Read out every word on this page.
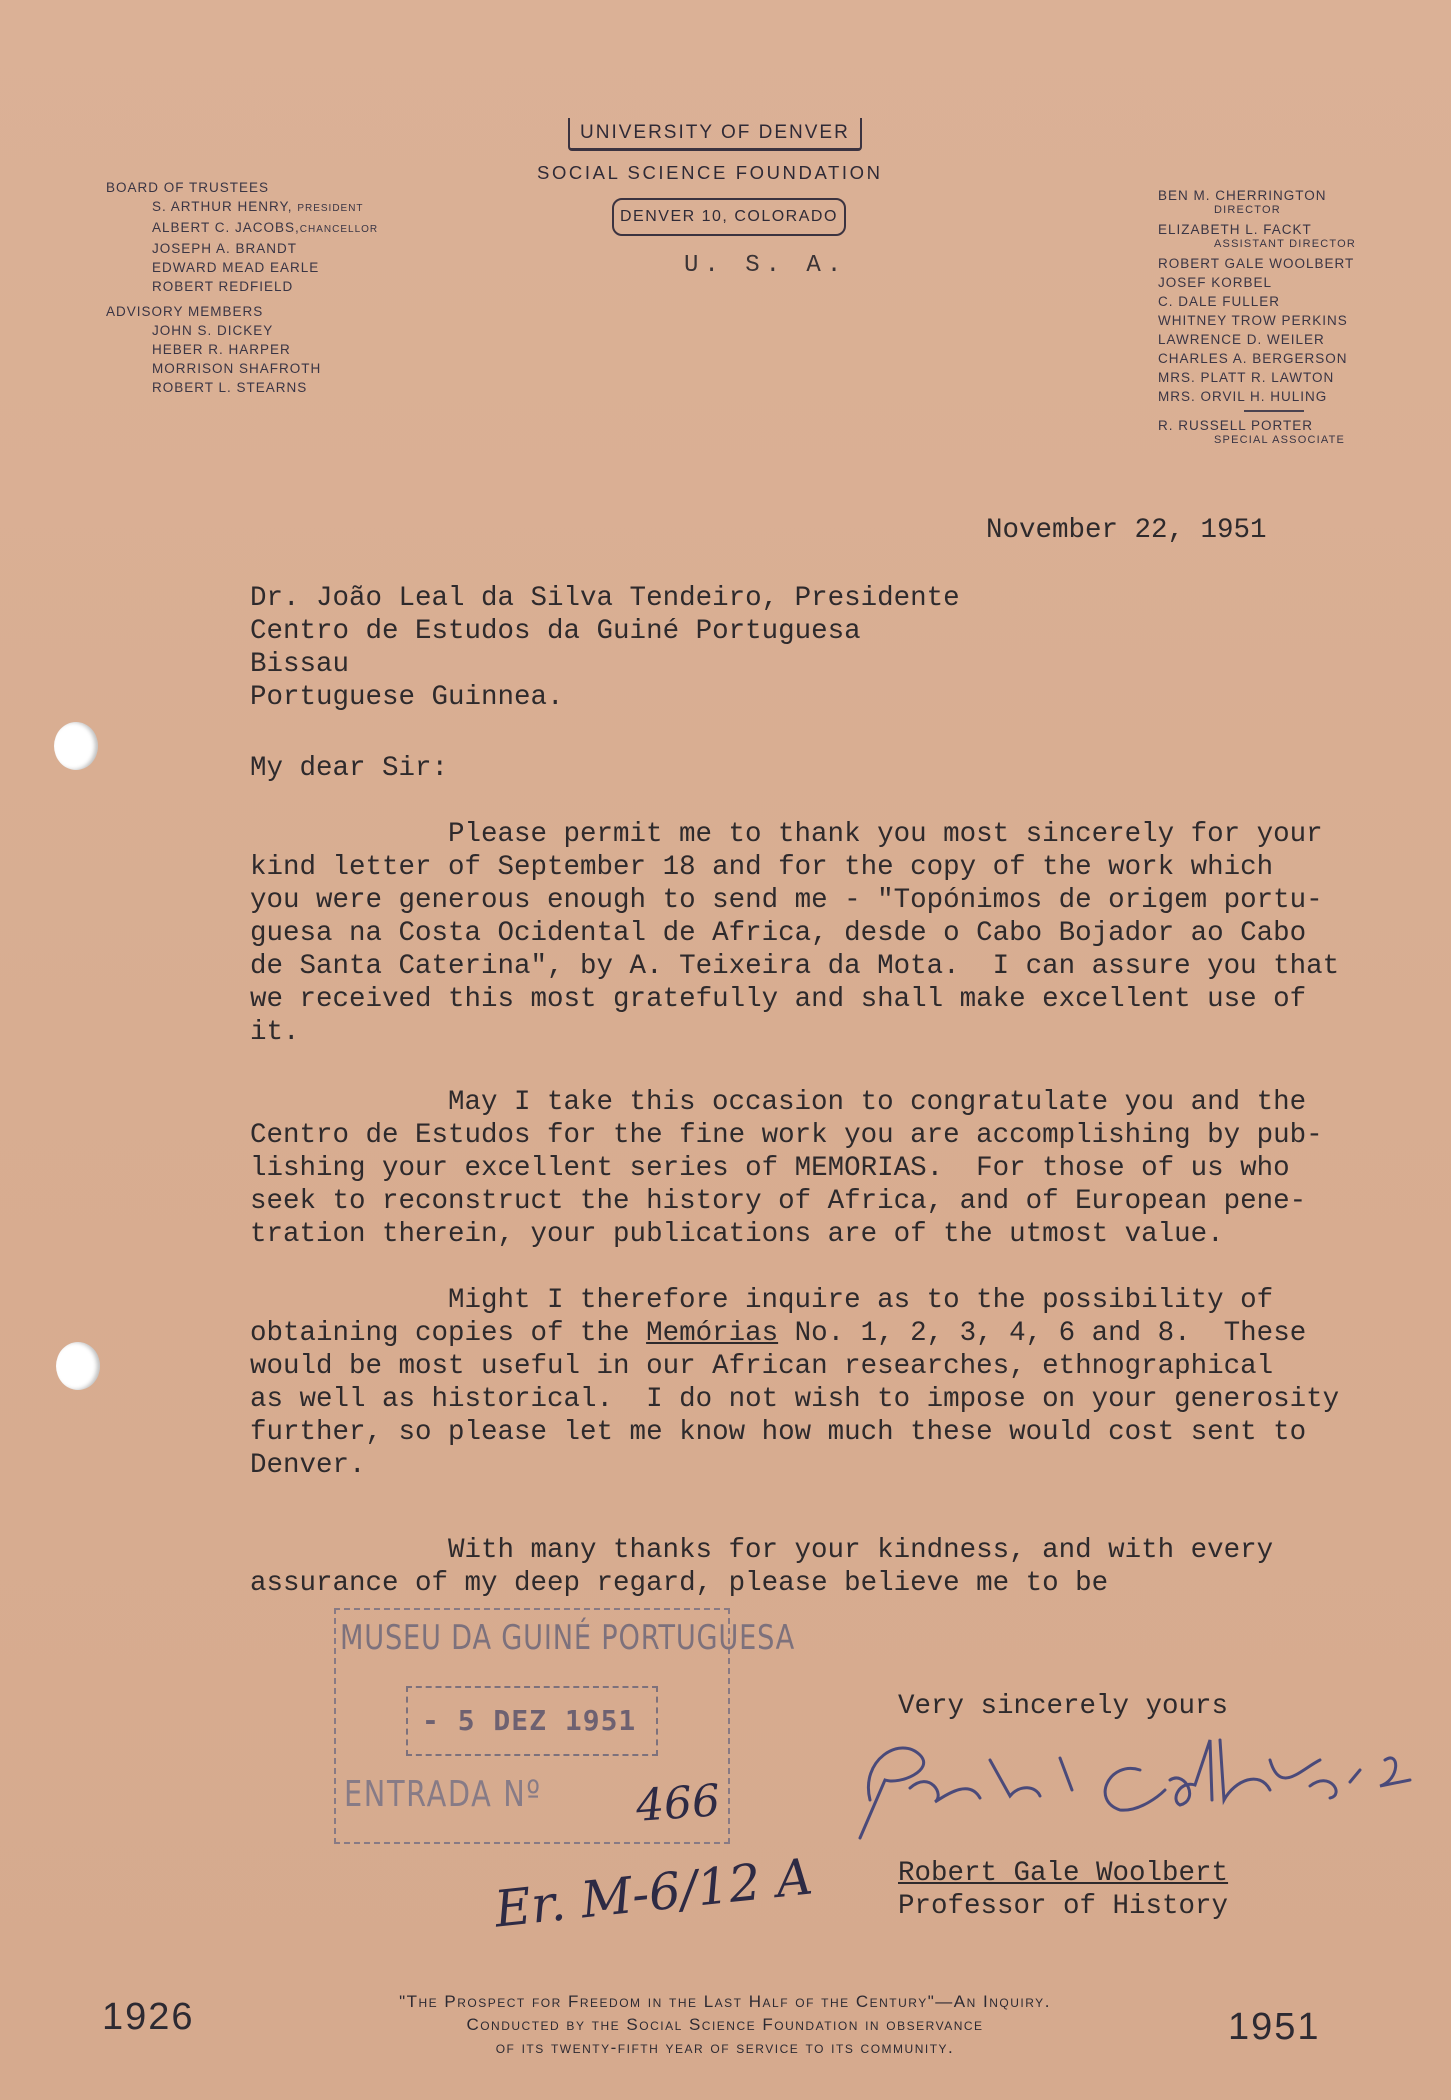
UNIVERSITY OF DENVER
SOCIAL SCIENCE FOUNDATION
DENVER 10, COLORADO
U. S. A.
BOARD OF TRUSTEES
S. ARTHUR HENRY, PRESIDENT
ALBERT C. JACOBS,CHANCELLOR
JOSEPH A. BRANDT
EDWARD MEAD EARLE
ROBERT REDFIELD
ADVISORY MEMBERS
JOHN S. DICKEY
HEBER R. HARPER
MORRISON SHAFROTH
ROBERT L. STEARNS
BEN M. CHERRINGTON
DIRECTOR
ELIZABETH L. FACKT
ASSISTANT DIRECTOR
ROBERT GALE WOOLBERT
JOSEF KORBEL
C. DALE FULLER
WHITNEY TROW PERKINS
LAWRENCE D. WEILER
CHARLES A. BERGERSON
MRS. PLATT R. LAWTON
MRS. ORVIL H. HULING
R. RUSSELL PORTER
SPECIAL ASSOCIATE
November 22, 1951
Dr. João Leal da Silva Tendeiro, Presidente
Centro de Estudos da Guiné Portuguesa
Bissau
Portuguese Guinnea.
My dear Sir:
Please permit me to thank you most sincerely for your
kind letter of September 18 and for the copy of the work which
you were generous enough to send me - "Topónimos de origem portu-
guesa na Costa Ocidental de Africa, desde o Cabo Bojador ao Cabo
de Santa Caterina", by A. Teixeira da Mota.  I can assure you that
we received this most gratefully and shall make excellent use of
it.
May I take this occasion to congratulate you and the
Centro de Estudos for the fine work you are accomplishing by pub-
lishing your excellent series of MEMORIAS.  For those of us who
seek to reconstruct the history of Africa, and of European pene-
tration therein, your publications are of the utmost value.
Might I therefore inquire as to the possibility of
obtaining copies of the Memórias No. 1, 2, 3, 4, 6 and 8.  These
would be most useful in our African researches, ethnographical
as well as historical.  I do not wish to impose on your generosity
further, so please let me know how much these would cost sent to
Denver.
With many thanks for your kindness, and with every
assurance of my deep regard, please believe me to be
Very sincerely yours
Robert Gale Woolbert
Professor of History
MUSEU DA GUINÉ PORTUGUESA
- 5 DEZ 1951
ENTRADA Nº 466
Er. M-6/12 A
1926	"The Prospect for Freedom in the Last Half of the Century"—An Inquiry.
Conducted by the Social Science Foundation in observance
of its twenty-fifth year of service to its community.	1951
